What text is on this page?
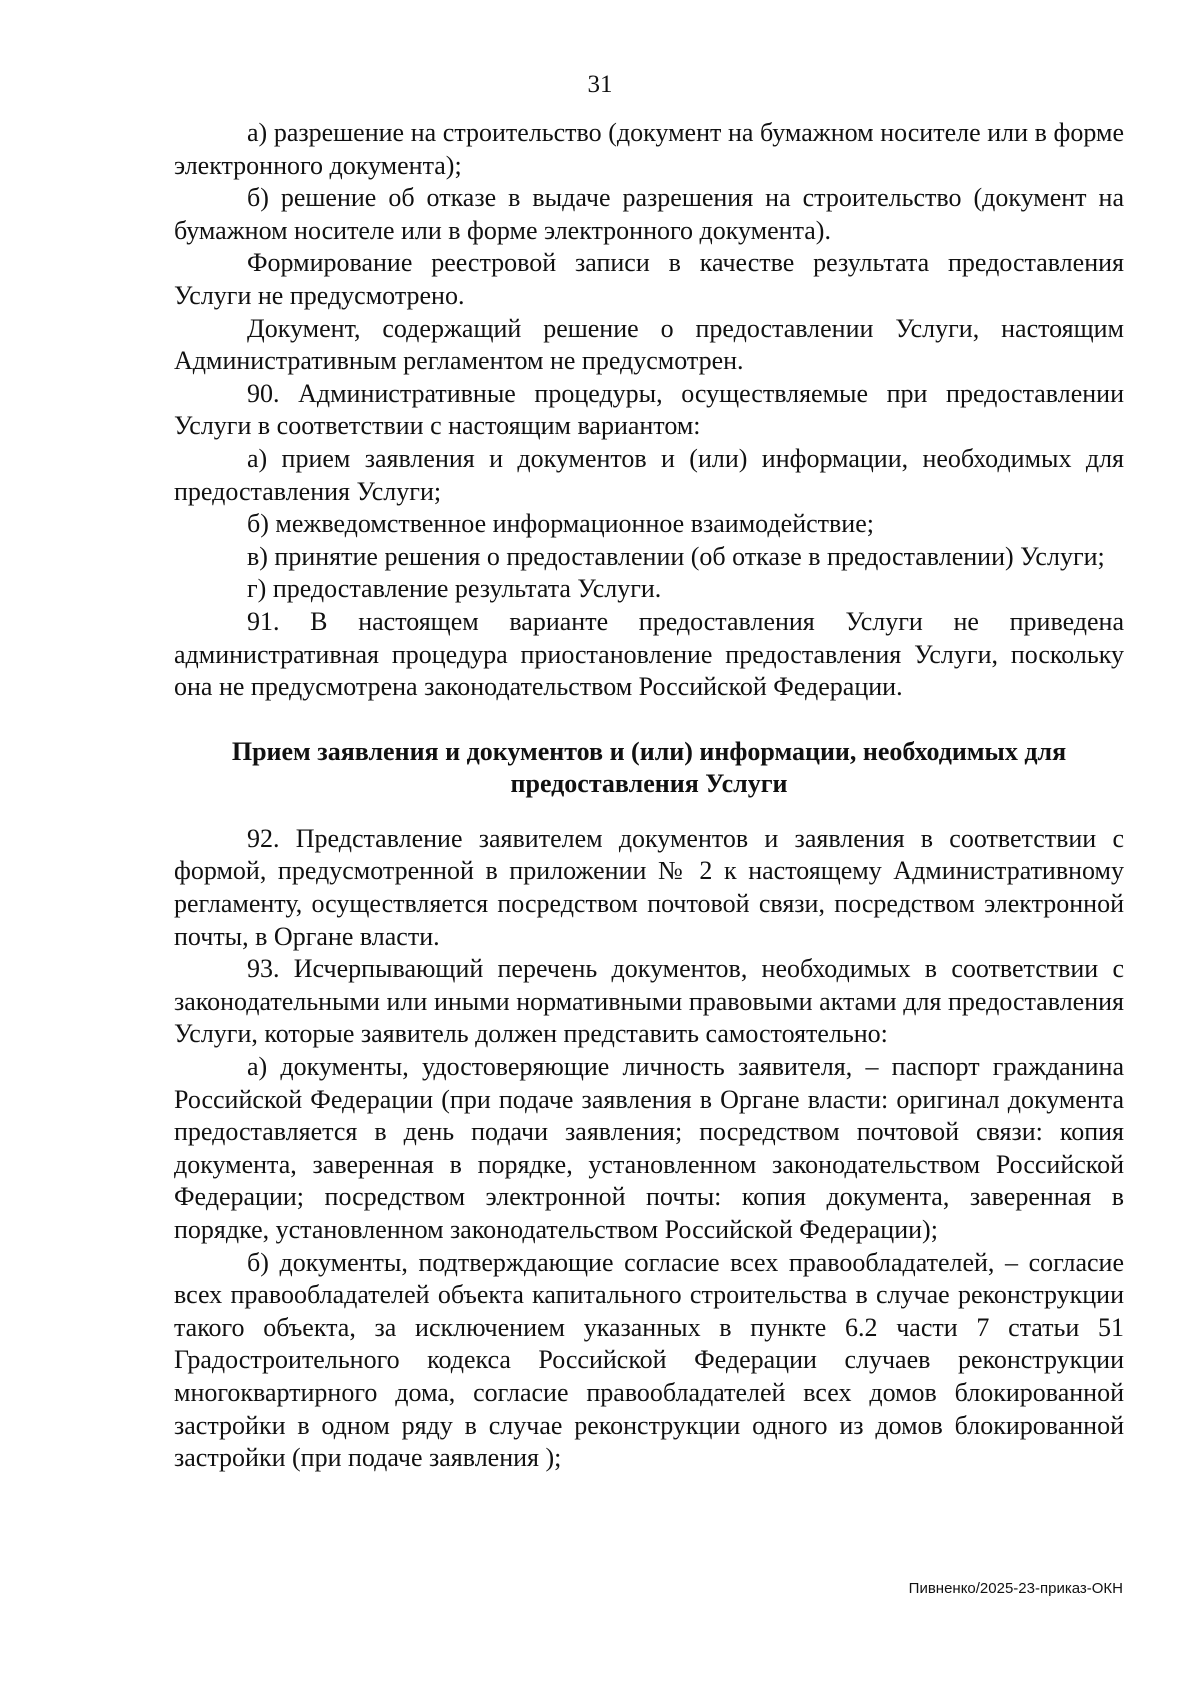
31

а) разрешение на строительство (документ на бумажном носителе или в форме электронного документа);

б) решение об отказе в выдаче разрешения на строительство (документ на бумажном носителе или в форме электронного документа).

Формирование реестровой записи в качестве результата предоставления Услуги не предусмотрено.

Документ, содержащий решение о предоставлении Услуги, настоящим Административным регламентом не предусмотрен.

90. Административные процедуры, осуществляемые при предоставлении Услуги в соответствии с настоящим вариантом:

а) прием заявления и документов и (или) информации, необходимых для предоставления Услуги;

б) межведомственное информационное взаимодействие;

в) принятие решения о предоставлении (об отказе в предоставлении) Услуги;

г) предоставление результата Услуги.

91. В настоящем варианте предоставления Услуги не приведена административная процедура приостановление предоставления Услуги, поскольку она не предусмотрена законодательством Российской Федерации.

Прием заявления и документов и (или) информации, необходимых для предоставления Услуги

92. Представление заявителем документов и заявления в соответствии с формой, предусмотренной в приложении № 2 к настоящему Административному регламенту, осуществляется посредством почтовой связи, посредством электронной почты, в Органе власти.

93. Исчерпывающий перечень документов, необходимых в соответствии с законодательными или иными нормативными правовыми актами для предоставления Услуги, которые заявитель должен представить самостоятельно:

а) документы, удостоверяющие личность заявителя, – паспорт гражданина Российской Федерации (при подаче заявления в Органе власти: оригинал документа предоставляется в день подачи заявления; посредством почтовой связи: копия документа, заверенная в порядке, установленном законодательством Российской Федерации; посредством электронной почты: копия документа, заверенная в порядке, установленном законодательством Российской Федерации);

б) документы, подтверждающие согласие всех правообладателей, – согласие всех правообладателей объекта капитального строительства в случае реконструкции такого объекта, за исключением указанных в пункте 6.2 части 7 статьи 51 Градостроительного кодекса Российской Федерации случаев реконструкции многоквартирного дома, согласие правообладателей всех домов блокированной застройки в одном ряду в случае реконструкции одного из домов блокированной застройки (при подаче заявления );

Пивненко/2025-23-приказ-ОКН
